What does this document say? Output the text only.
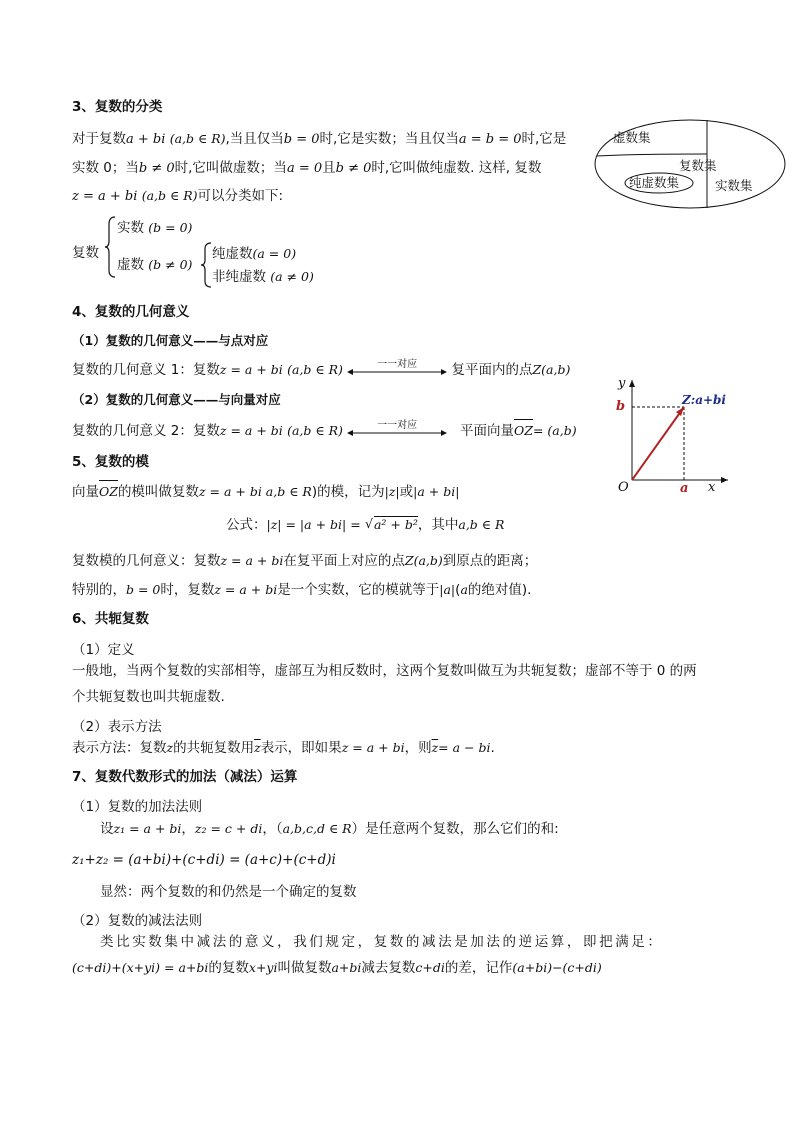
3、复数的分类
对于复数a + bi (a,b ∈ R),当且仅当b = 0时,它是实数；当且仅当a = b = 0时,它是
实数 0；当b ≠ 0时,它叫做虚数；当a = 0且b ≠ 0时,它叫做纯虚数. 这样, 复数
z = a + bi (a,b ∈ R)可以分类如下:
复数
实数 (b = 0)
虚数 (b ≠ 0)
纯虚数(a = 0)
非纯虚数 (a ≠ 0)
虚数集
复数集
纯虚数集	实数集
4、复数的几何意义
（1）复数的几何意义——与点对应
复数的几何意义 1：复数z = a + bi (a,b ∈ R)	一一对应	复平面内的点Z(a,b)
（2）复数的几何意义——与向量对应
复数的几何意义 2：复数z = a + bi (a,b ∈ R)	一一对应	平面向量OZ= (a,b)
y
b	Z:a+bi
O	a x
5、复数的模
向量OZ的模叫做复数z = a + bi a,b ∈ R)的模，记为|z|或|a + bi|
公式：|z| = |a + bi| = √ a² + b²，其中a,b ∈ R
复数模的几何意义：复数z = a + bi在复平面上对应的点Z(a,b)到原点的距离；
特别的，b = 0时，复数z = a + bi是一个实数，它的模就等于|a|(a的绝对值).
6、共轭复数
（1）定义
一般地，当两个复数的实部相等，虚部互为相反数时，这两个复数叫做互为共轭复数；虚部不等于 0 的两
个共轭复数也叫共轭虚数.
（2）表示方法
表示方法：复数z的共轭复数用$\overline{z}$表示，即如果z = a + bi，则$\overline{z}= a$ − bi.
7、复数代数形式的加法（减法）运算
（1）复数的加法法则
设z₁ = a + bi，z₂ = c + di，（a,b,c,d ∈ R）是任意两个复数，那么它们的和:
z₁+z₂ = (a+bi)+(c+di) = (a+c)+(c+d)i
显然：两个复数的和仍然是一个确定的复数
（2）复数的减法法则
类比实数集中减法的意义，我们规定，复数的减法是加法的逆运算，即把满足：
(c+di)+(x+yi) = a+bi的复数x+yi叫做复数a+bi减去复数c+di的差，记作(a+bi)−(c+di)
